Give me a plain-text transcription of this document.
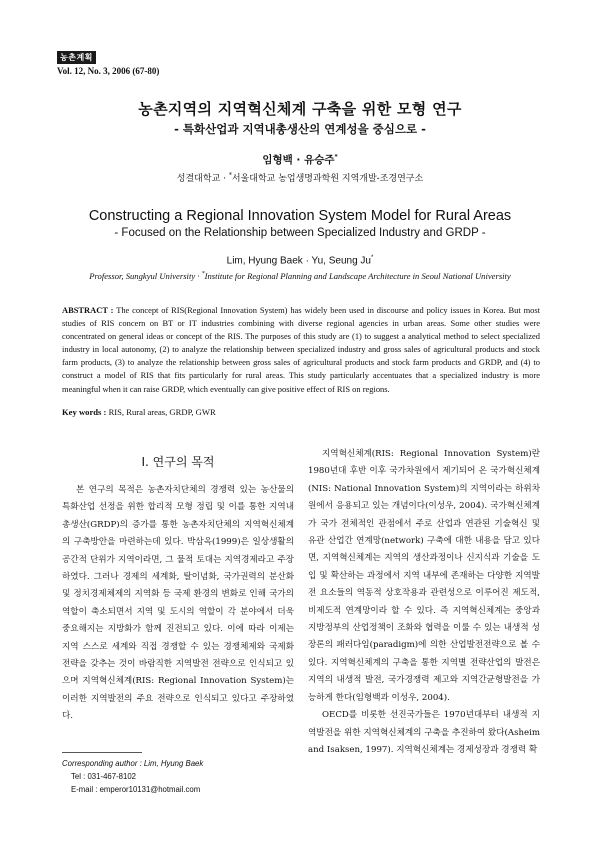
농촌계획
Vol. 12, No. 3, 2006 (67-80)
농촌지역의 지역혁신체계 구축을 위한 모형 연구
- 특화산업과 지역내총생산의 연계성을 중심으로 -
임형백 · 유승주*
성결대학교 · *서울대학교 농업생명과학원 지역개발-조경연구소
Constructing a Regional Innovation System Model for Rural Areas
- Focused on the Relationship between Specialized Industry and GRDP -
Lim, Hyung Baek · Yu, Seung Ju*
Professor, Sungkyul University · *Institute for Regional Planning and Landscape Architecture in Seoul National University
ABSTRACT : The concept of RIS(Regional Innovation System) has widely been used in discourse and policy issues in Korea. But most studies of RIS concern on BT or IT industries combining with diverse regional agencies in urban areas. Some other studies were concentrated on general ideas or concept of the RIS. The purposes of this study are (1) to suggest a analytical method to select specialized industry in local autonomy, (2) to analyze the relationship between specialized industry and gross sales of agricultural products and stock farm products, (3) to analyze the relationship between gross sales of agricultural products and stock farm products and GRDP, and (4) to construct a model of RIS that fits particularly for rural areas. This study particularly accentuates that a specialized industry is more meaningful when it can raise GRDP, which eventually can give positive effect of RIS on regions.
Key words : RIS, Rural areas, GRDP, GWR
I. 연구의 목적

본 연구의 목적은 농촌자치단체의 경쟁력 있는 농산물의 특화산업 선정을 위한 합리적 모형 정립 및 이를 통한 지역내총생산(GRDP)의 증가를 통한 농촌자치단체의 지역혁신체계의 구축방안을 마련하는데 있다. 박삼옥(1999)은 일상생활의 공간적 단위가 지역이라면, 그 물적 토대는 지역경제라고 주장하였다. 그러나 경제의 세계화, 탈이념화, 국가권력의 분산화 및 정치경제체제의 지역화 등 국제 환경의 변화로 인해 국가의 역할이 축소되면서 지역 및 도시의 역할이 각 분야에서 더욱 중요해지는 지방화가 함께 진전되고 있다. 이에 따라 이제는 지역 스스로 세계와 직접 경쟁할 수 있는 경쟁체제와 국제화 전략을 갖추는 것이 바람직한 지역발전 전략으로 인식되고 있으며 지역혁신체계(RIS: Regional Innovation System)는 이러한 지역발전의 주요 전략으로 인식되고 있다고 주장하였다.

지역혁신체계(RIS: Regional Innovation System)란 1980년대 후반 이후 국가차원에서 제기되어 온 국가혁신체계(NIS: National Innovation System)의 지역이라는 하위차원에서 응용되고 있는 개념이다(이성우, 2004). 국가혁신체계가 국가 전체적인 관점에서 주로 산업과 연관된 기술혁신 및 유관 산업간 연계망(network) 구축에 대한 내용을 담고 있다면, 지역혁신체계는 지역의 생산과정이나 신지식과 기술을 도입 및 확산하는 과정에서 지역 내부에 존재하는 다양한 지역발전 요소들의 역동적 상호작용과 관련성으로 이루어진 제도적, 비제도적 연계망이라 할 수 있다. 즉 지역혁신체계는 중앙과 지방정부의 산업정책이 조화와 협력을 이룰 수 있는 내생적 성장론의 패러다임(paradigm)에 의한 산업발전전략으로 볼 수 있다. 지역혁신체계의 구축을 통한 지역별 전략산업의 발전은 지역의 내생적 발전, 국가경쟁력 제고와 지역간균형발전을 가능하게 한다(임형백과 이성우, 2004).

OECD를 비롯한 선진국가들은 1970년대부터 내생적 지역발전을 위한 지역혁신체계의 구축을 추진하여 왔다(Asheim and Isaksen, 1997). 지역혁신체계는 경제성장과 경쟁력 확

Corresponding author : Lim, Hyung Baek
Tel : 031-467-8102
E-mail : emperor10131@hotmail.com
